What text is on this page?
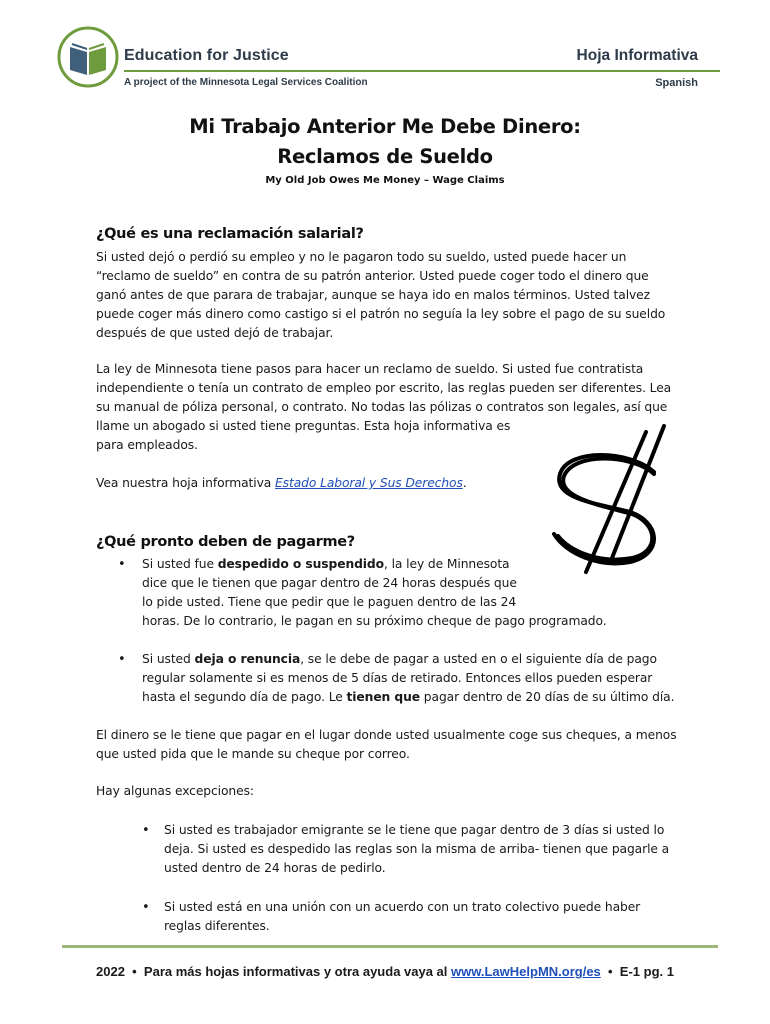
Education for Justice
A project of the Minnesota Legal Services Coalition
Hoja Informativa
Spanish
Mi Trabajo Anterior Me Debe Dinero:
Reclamos de Sueldo
My Old Job Owes Me Money – Wage Claims
¿Qué es una reclamación salarial?
Si usted dejó o perdió su empleo y no le pagaron todo su sueldo, usted puede hacer un
“reclamo de sueldo” en contra de su patrón anterior. Usted puede coger todo el dinero que
ganó antes de que parara de trabajar, aunque se haya ido en malos términos. Usted talvez
puede coger más dinero como castigo si el patrón no seguía la ley sobre el pago de su sueldo
después de que usted dejó de trabajar.
La ley de Minnesota tiene pasos para hacer un reclamo de sueldo. Si usted fue contratista
independiente o tenía un contrato de empleo por escrito, las reglas pueden ser diferentes. Lea
su manual de póliza personal, o contrato. No todas las pólizas o contratos son legales, así que
llame un abogado si usted tiene preguntas. Esta hoja informativa es
para empleados.
Vea nuestra hoja informativa Estado Laboral y Sus Derechos.
¿Qué pronto deben de pagarme?
• Si usted fue despedido o suspendido, la ley de Minnesota
dice que le tienen que pagar dentro de 24 horas después que
lo pide usted. Tiene que pedir que le paguen dentro de las 24
horas. De lo contrario, le pagan en su próximo cheque de pago programado.
• Si usted deja o renuncia, se le debe de pagar a usted en o el siguiente día de pago
regular solamente si es menos de 5 días de retirado. Entonces ellos pueden esperar
hasta el segundo día de pago. Le tienen que pagar dentro de 20 días de su último día.
El dinero se le tiene que pagar en el lugar donde usted usualmente coge sus cheques, a menos
que usted pida que le mande su cheque por correo.
Hay algunas excepciones:
• Si usted es trabajador emigrante se le tiene que pagar dentro de 3 días si usted lo
deja. Si usted es despedido las reglas son la misma de arriba- tienen que pagarle a
usted dentro de 24 horas de pedirlo.
• Si usted está en una unión con un acuerdo con un trato colectivo puede haber
reglas diferentes.
2022  •  Para más hojas informativas y otra ayuda vaya al www.LawHelpMN.org/es  •  E-1 pg. 1
